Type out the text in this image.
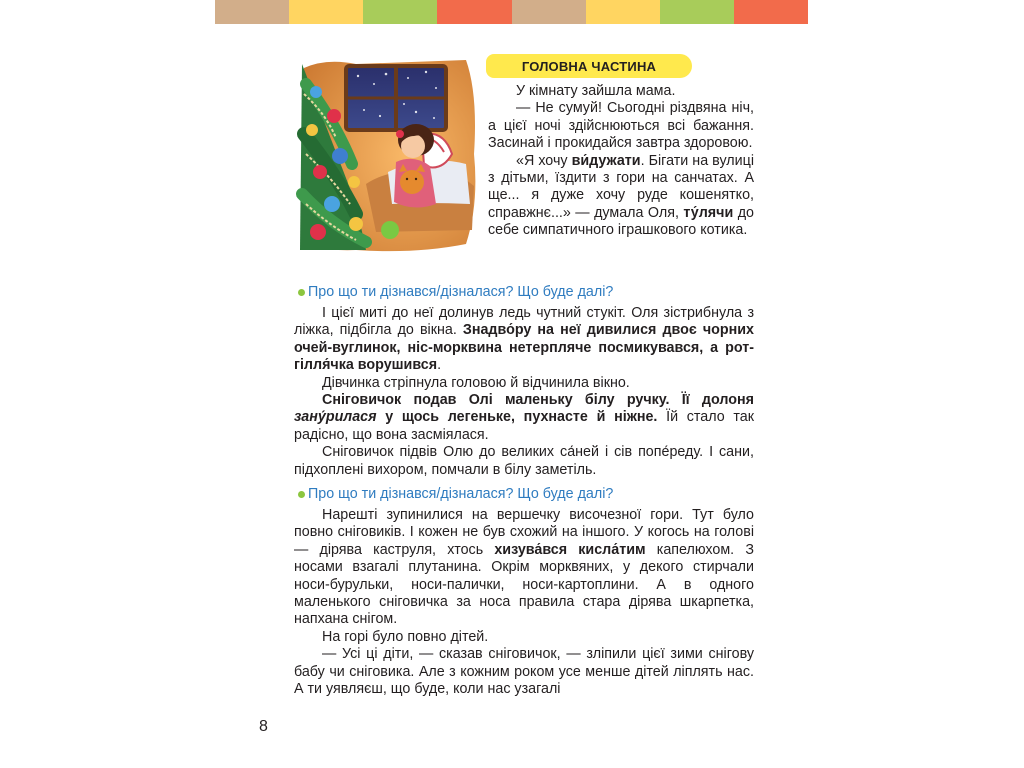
ГОЛОВНА ЧАСТИНА

У кімнату зайшла мама.

— Не сумуй! Сьогодні різдвяна ніч, а цієї ночі здійснюються всі бажання. Засинай і прокидайся завтра здоровою.

«Я хочу ви́дужати. Бігати на вулиці з дітьми, їздити з гори на санчатах. А ще... я дуже хочу руде кошенятко, справжнє...» — думала Оля, ту́лячи до себе симпатичного іграшкового котика.

Про що ти дізнався/дізналася? Що буде далі?

І цієї миті до неї долинув ледь чутний стукіт. Оля зістрибнула з ліжка, підбігла до вікна. Знадво́ру на неї дивилися двоє чорних очей-вуглинок, ніс-морквина нетерпляче посмикувався, а рот-гілля́чка ворушився.

Дівчинка стріпнула головою й відчинила вікно.

Сніговичок подав Олі маленьку білу ручку. Її долоня зану́рилася у щось легеньке, пухнасте й ніжне. Їй стало так радісно, що вона засміялася.

Сніговичок підвів Олю до великих са́ней і сів попе́реду. І сани, підхоплені вихором, помчали в білу заметіль.

Про що ти дізнався/дізналася? Що буде далі?

Нарешті зупинилися на вершечку височезної гори. Тут було повно сніговиків. І кожен не був схожий на іншого. У когось на голові — дірява каструля, хтось хизува́вся кисла́тим капелюхом. З носами взагалі плутанина. Окрім морквяних, у декого стирчали носи-бурульки, носи-палички, носи-картоплини. А в одного маленького сніговичка за носа правила стара дірява шкарпетка, напхана снігом.

На горі було повно дітей.

— Усі ці діти, — сказав сніговичок, — зліпили цієї зими снігову бабу чи сніговика. Але з кожним роком усе менше дітей ліплять нас. А ти уявляєш, що буде, коли нас узагалі

8
